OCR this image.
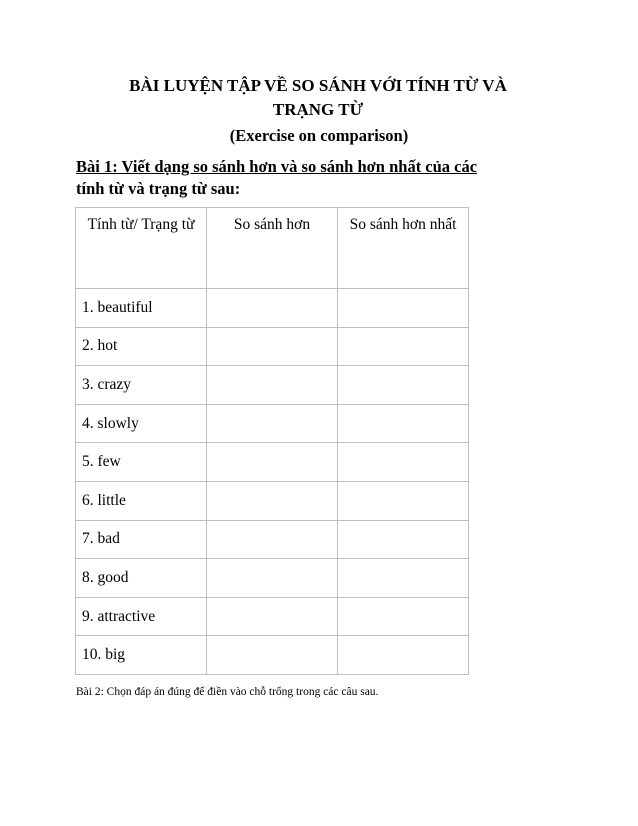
BÀI LUYỆN TẬP VỀ SO SÁNH VỚI TÍNH TỪ VÀ
TRẠNG TỪ
(Exercise on comparison)
Bài 1: Viết dạng so sánh hơn và so sánh hơn nhất của các
tính từ và trạng từ sau:
Tính từ/ Trạng từ	So sánh hơn	So sánh hơn nhất
1. beautiful		
2. hot		
3. crazy		
4. slowly		
5. few		
6. little		
7. bad		
8. good		
9. attractive		
10. big		
Bài 2: Chọn đáp án đúng để điền vào chỗ trống trong các câu sau.
